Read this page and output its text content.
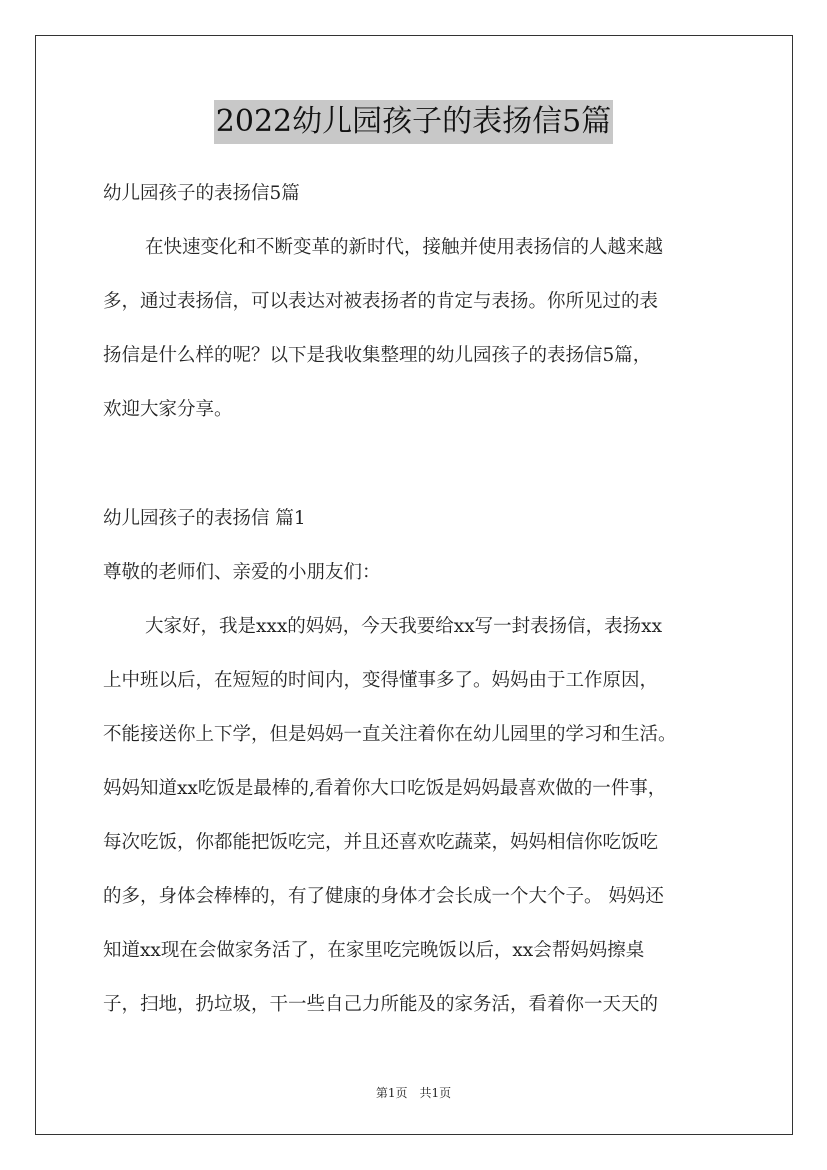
2022幼儿园孩子的表扬信5篇
幼儿园孩子的表扬信5篇
在快速变化和不断变革的新时代，接触并使用表扬信的人越来越
多，通过表扬信，可以表达对被表扬者的肯定与表扬。你所见过的表
扬信是什么样的呢？以下是我收集整理的幼儿园孩子的表扬信5篇，
欢迎大家分享。
幼儿园孩子的表扬信 篇1
尊敬的老师们、亲爱的小朋友们：
大家好，我是xxx的妈妈，今天我要给xx写一封表扬信，表扬xx
上中班以后，在短短的时间内，变得懂事多了。妈妈由于工作原因，
不能接送你上下学，但是妈妈一直关注着你在幼儿园里的学习和生活。
妈妈知道xx吃饭是最棒的,看着你大口吃饭是妈妈最喜欢做的一件事，
每次吃饭，你都能把饭吃完，并且还喜欢吃蔬菜，妈妈相信你吃饭吃
的多，身体会棒棒的，有了健康的身体才会长成一个大个子。 妈妈还
知道xx现在会做家务活了，在家里吃完晚饭以后，xx会帮妈妈擦桌
子，扫地，扔垃圾，干一些自己力所能及的家务活，看着你一天天的
第1页　共1页
